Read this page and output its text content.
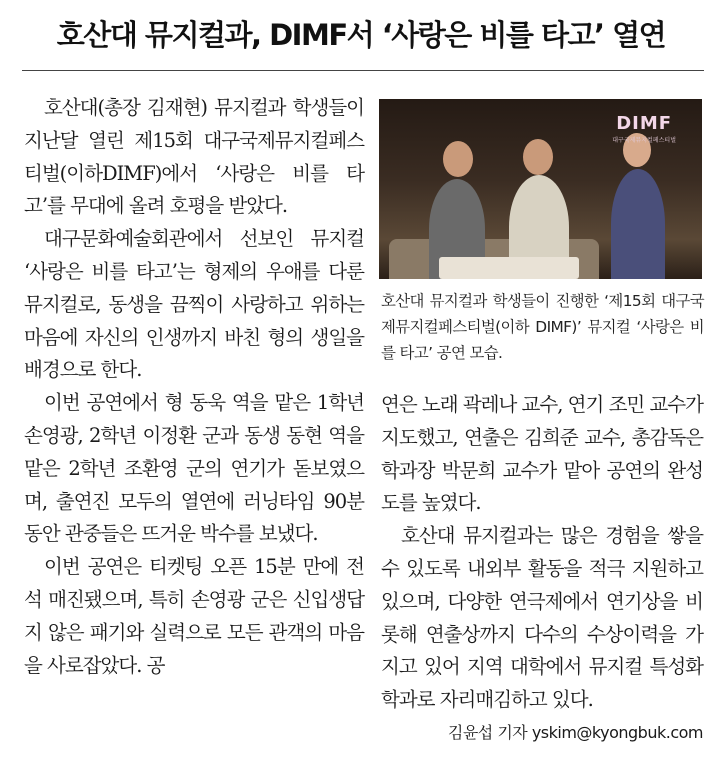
호산대 뮤지컬과, DIMF서 ‘사랑은 비를 타고’ 열연

호산대(총장 김재현) 뮤지컬과 학생들이 지난달 열린 제15회 대구국제뮤지컬페스티벌(이하DIMF)에서 ‘사랑은 비를 타고’를 무대에 올려 호평을 받았다.

대구문화예술회관에서 선보인 뮤지컬 ‘사랑은 비를 타고’는 형제의 우애를 다룬 뮤지컬로, 동생을 끔찍이 사랑하고 위하는 마음에 자신의 인생까지 바친 형의 생일을 배경으로 한다.

이번 공연에서 형 동욱 역을 맡은 1학년 손영광, 2학년 이정환 군과 동생 동현 역을 맡은 2학년 조환영 군의 연기가 돋보였으며, 출연진 모두의 열연에 러닝타임 90분 동안 관중들은 뜨거운 박수를 보냈다.

이번 공연은 티켓팅 오픈 15분 만에 전석 매진됐으며, 특히 손영광 군은 신입생답지 않은 패기와 실력으로 모든 관객의 마음을 사로잡았다. 공

DIMF
대구국제뮤지컬페스티벌
호산대 뮤지컬과 학생들이 진행한 ‘제15회 대구국제뮤지컬페스티벌(이하 DIMF)’ 뮤지컬 ‘사랑은 비를 타고’ 공연 모습.

연은 노래 곽레나 교수, 연기 조민 교수가 지도했고, 연출은 김희준 교수, 총감독은 학과장 박문희 교수가 맡아 공연의 완성도를 높였다.

호산대 뮤지컬과는 많은 경험을 쌓을 수 있도록 내외부 활동을 적극 지원하고 있으며, 다양한 연극제에서 연기상을 비롯해 연출상까지 다수의 수상이력을 가지고 있어 지역 대학에서 뮤지컬 특성화학과로 자리매김하고 있다.
김윤섭 기자 yskim@kyongbuk.com
